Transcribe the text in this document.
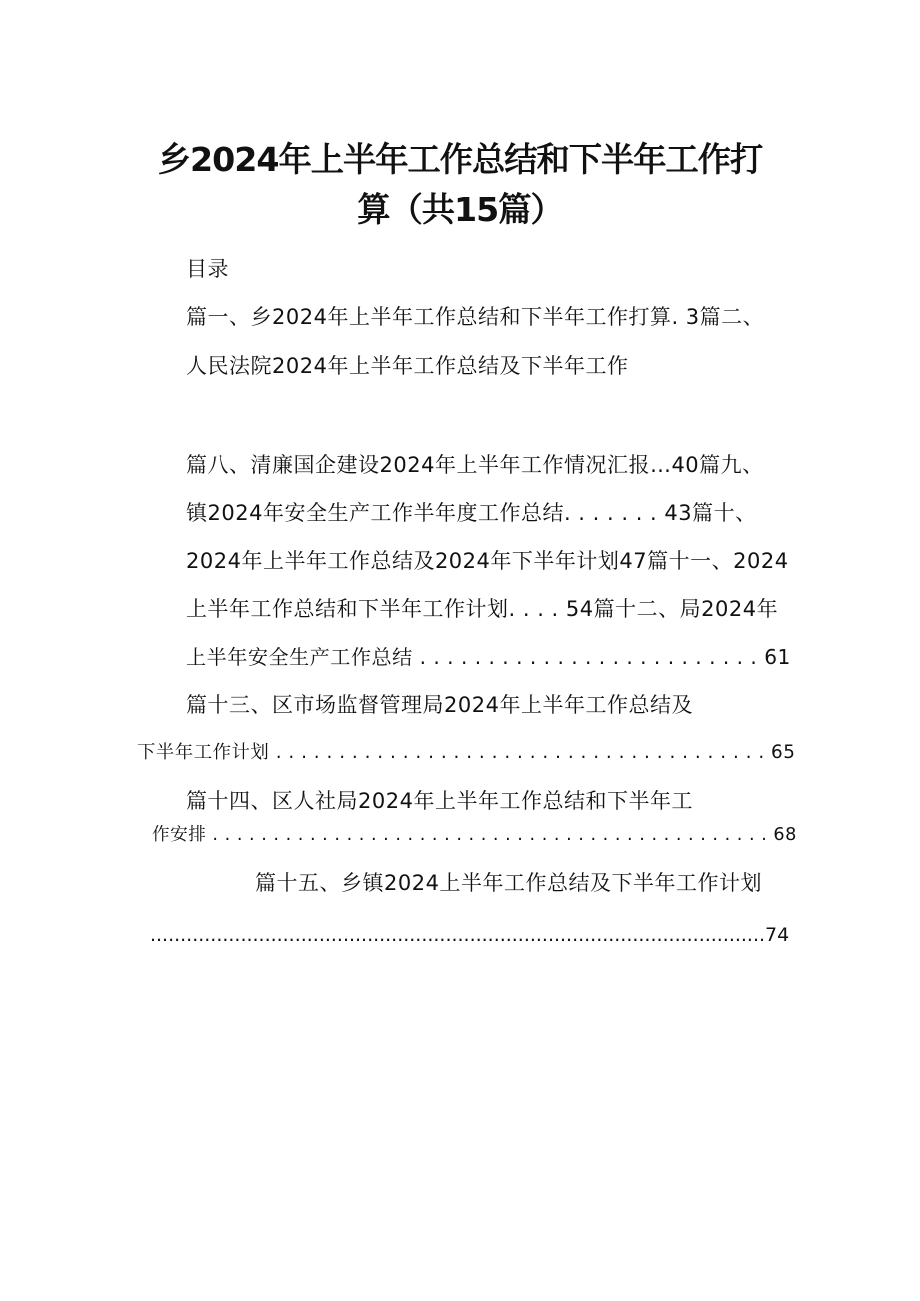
乡2024年上半年工作总结和下半年工作打
算（共15篇）
目录
篇一、乡2024年上半年工作总结和下半年工作打算. 3篇二、
人民法院2024年上半年工作总结及下半年工作
篇八、清廉国企建设2024年上半年工作情况汇报…40篇九、
镇2024年安全生产工作半年度工作总结. . . . . . . 43篇十、
2024年上半年工作总结及2024年下半年计划47篇十一、2024
上半年工作总结和下半年工作计划. . . . 54篇十二、局2024年
上半年安全生产工作总结 . . . . . . . . . . . . . . . . . . . . . . . . . 61
篇十三、区市场监督管理局2024年上半年工作总结及
下半年工作计划 . . . . . . . . . . . . . . . . . . . . . . . . . . . . . . . . . . . . . . . 65
篇十四、区人社局2024年上半年工作总结和下半年工
作安排 . . . . . . . . . . . . . . . . . . . . . . . . . . . . . . . . . . . . . . . . . . . . . . 68
篇十五、乡镇2024上半年工作总结及下半年工作计划
......................................................................................................74
